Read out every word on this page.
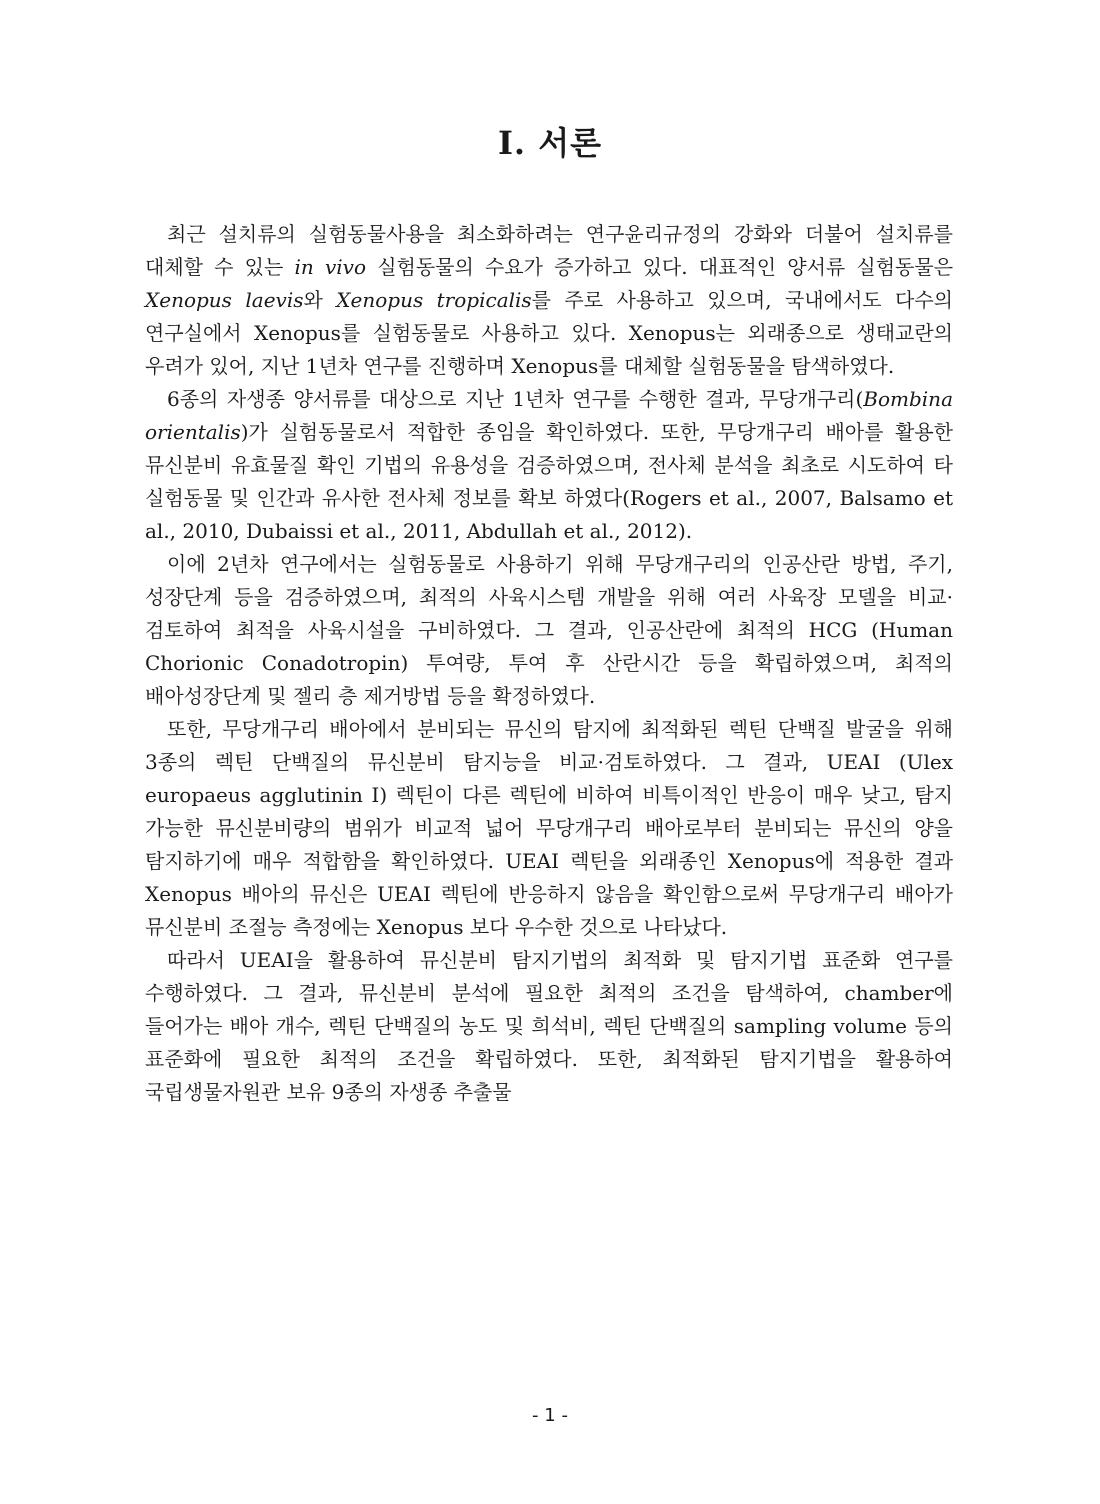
Ⅰ. 서론

최근 설치류의 실험동물사용을 최소화하려는 연구윤리규정의 강화와 더불어 설치류를 대체할 수 있는 in vivo 실험동물의 수요가 증가하고 있다. 대표적인 양서류 실험동물은 Xenopus laevis와 Xenopus tropicalis를 주로 사용하고 있으며, 국내에서도 다수의 연구실에서 Xenopus를 실험동물로 사용하고 있다. Xenopus는 외래종으로 생태교란의 우려가 있어, 지난 1년차 연구를 진행하며 Xenopus를 대체할 실험동물을 탐색하였다.

6종의 자생종 양서류를 대상으로 지난 1년차 연구를 수행한 결과, 무당개구리(Bombina orientalis)가 실험동물로서 적합한 종임을 확인하였다. 또한, 무당개구리 배아를 활용한 뮤신분비 유효물질 확인 기법의 유용성을 검증하였으며, 전사체 분석을 최초로 시도하여 타 실험동물 및 인간과 유사한 전사체 정보를 확보 하였다(Rogers et al., 2007, Balsamo et al., 2010, Dubaissi et al., 2011, Abdullah et al., 2012).

이에 2년차 연구에서는 실험동물로 사용하기 위해 무당개구리의 인공산란 방법, 주기, 성장단계 등을 검증하였으며, 최적의 사육시스템 개발을 위해 여러 사육장 모델을 비교·검토하여 최적을 사육시설을 구비하였다. 그 결과, 인공산란에 최적의 HCG (Human Chorionic Conadotropin) 투여량, 투여 후 산란시간 등을 확립하였으며, 최적의 배아성장단계 및 젤리 층 제거방법 등을 확정하였다.

또한, 무당개구리 배아에서 분비되는 뮤신의 탐지에 최적화된 렉틴 단백질 발굴을 위해 3종의 렉틴 단백질의 뮤신분비 탐지능을 비교·검토하였다. 그 결과, UEAI (Ulex europaeus agglutinin I) 렉틴이 다른 렉틴에 비하여 비특이적인 반응이 매우 낮고, 탐지 가능한 뮤신분비량의 범위가 비교적 넓어 무당개구리 배아로부터 분비되는 뮤신의 양을 탐지하기에 매우 적합함을 확인하였다. UEAI 렉틴을 외래종인 Xenopus에 적용한 결과 Xenopus 배아의 뮤신은 UEAI 렉틴에 반응하지 않음을 확인함으로써 무당개구리 배아가 뮤신분비 조절능 측정에는 Xenopus 보다 우수한 것으로 나타났다.

따라서 UEAI을 활용하여 뮤신분비 탐지기법의 최적화 및 탐지기법 표준화 연구를 수행하였다. 그 결과, 뮤신분비 분석에 필요한 최적의 조건을 탐색하여, chamber에 들어가는 배아 개수, 렉틴 단백질의 농도 및 희석비, 렉틴 단백질의 sampling volume 등의 표준화에 필요한 최적의 조건을 확립하였다. 또한, 최적화된 탐지기법을 활용하여 국립생물자원관 보유 9종의 자생종 추출물

- 1 -
